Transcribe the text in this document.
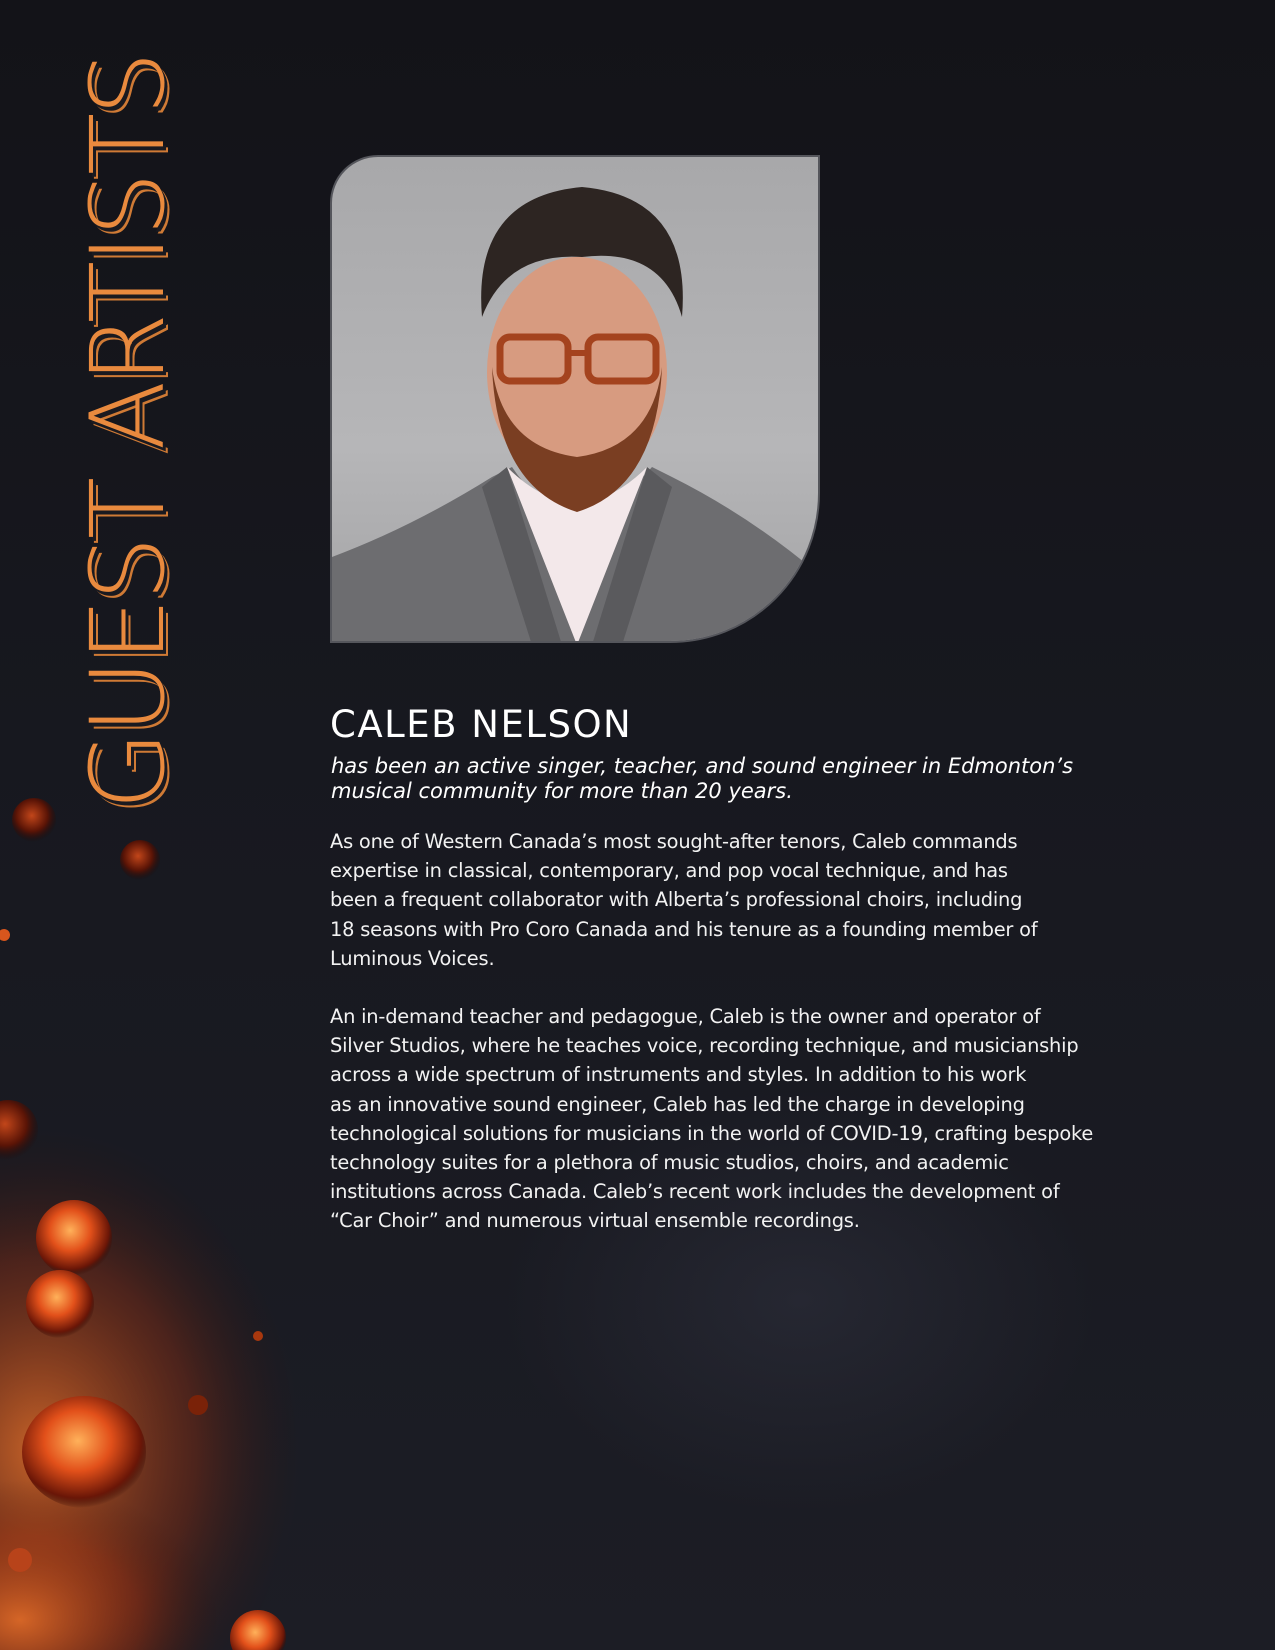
GUEST ARTISTS	CALEB NELSON

has been an active singer, teacher, and sound engineer in Edmonton’s
musical community for more than 20 years.

As one of Western Canada’s most sought-after tenors, Caleb commands
expertise in classical, contemporary, and pop vocal technique, and has
been a frequent collaborator with Alberta’s professional choirs, including
18 seasons with Pro Coro Canada and his tenure as a founding member of
Luminous Voices.

An in-demand teacher and pedagogue, Caleb is the owner and operator of
Silver Studios, where he teaches voice, recording technique, and musicianship
across a wide spectrum of instruments and styles. In addition to his work
as an innovative sound engineer, Caleb has led the charge in developing
technological solutions for musicians in the world of COVID-19, crafting bespoke
technology suites for a plethora of music studios, choirs, and academic
institutions across Canada. Caleb’s recent work includes the development of
“Car Choir” and numerous virtual ensemble recordings.
